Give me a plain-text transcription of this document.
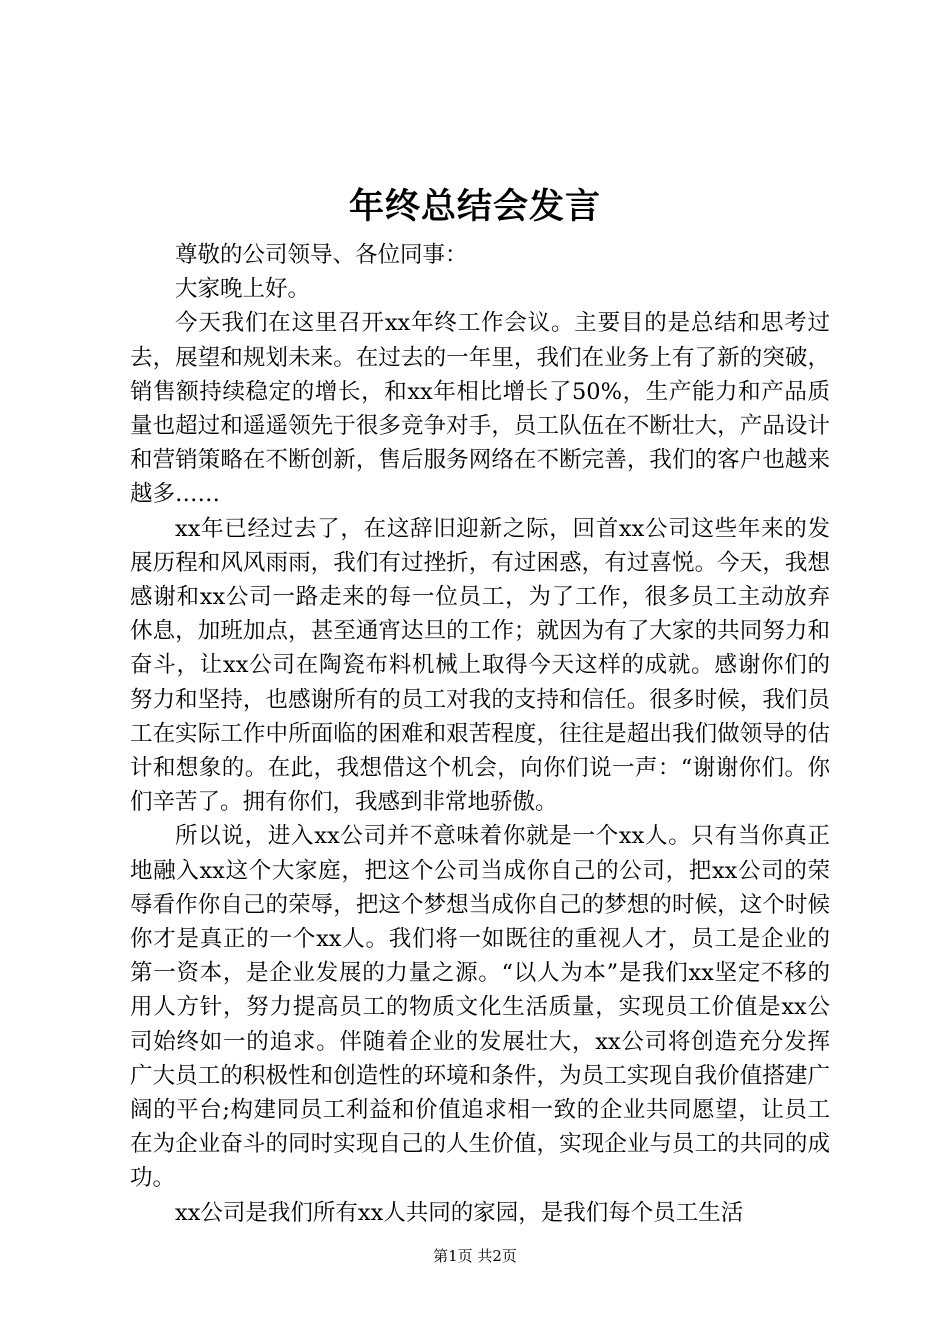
年终总结会发言

尊敬的公司领导、各位同事：

大家晚上好。

今天我们在这里召开xx年终工作会议。主要目的是总结和思考过去，展望和规划未来。在过去的一年里，我们在业务上有了新的突破，销售额持续稳定的增长，和xx年相比增长了50%，生产能力和产品质量也超过和遥遥领先于很多竞争对手，员工队伍在不断壮大，产品设计和营销策略在不断创新，售后服务网络在不断完善，我们的客户也越来越多……

xx年已经过去了，在这辞旧迎新之际，回首xx公司这些年来的发展历程和风风雨雨，我们有过挫折，有过困惑，有过喜悦。今天，我想感谢和xx公司一路走来的每一位员工，为了工作，很多员工主动放弃休息，加班加点，甚至通宵达旦的工作；就因为有了大家的共同努力和奋斗，让xx公司在陶瓷布料机械上取得今天这样的成就。感谢你们的努力和坚持，也感谢所有的员工对我的支持和信任。很多时候，我们员工在实际工作中所面临的困难和艰苦程度，往往是超出我们做领导的估计和想象的。在此，我想借这个机会，向你们说一声：“谢谢你们。你们辛苦了。拥有你们，我感到非常地骄傲。

所以说，进入xx公司并不意味着你就是一个xx人。只有当你真正地融入xx这个大家庭，把这个公司当成你自己的公司，把xx公司的荣辱看作你自己的荣辱，把这个梦想当成你自己的梦想的时候，这个时候你才是真正的一个xx人。我们将一如既往的重视人才，员工是企业的第一资本，是企业发展的力量之源。“以人为本”是我们xx坚定不移的用人方针，努力提高员工的物质文化生活质量，实现员工价值是xx公司始终如一的追求。伴随着企业的发展壮大，xx公司将创造充分发挥广大员工的积极性和创造性的环境和条件，为员工实现自我价值搭建广阔的平台;构建同员工利益和价值追求相一致的企业共同愿望，让员工在为企业奋斗的同时实现自己的人生价值，实现企业与员工的共同的成功。

xx公司是我们所有xx人共同的家园，是我们每个员工生活

第1页 共2页
